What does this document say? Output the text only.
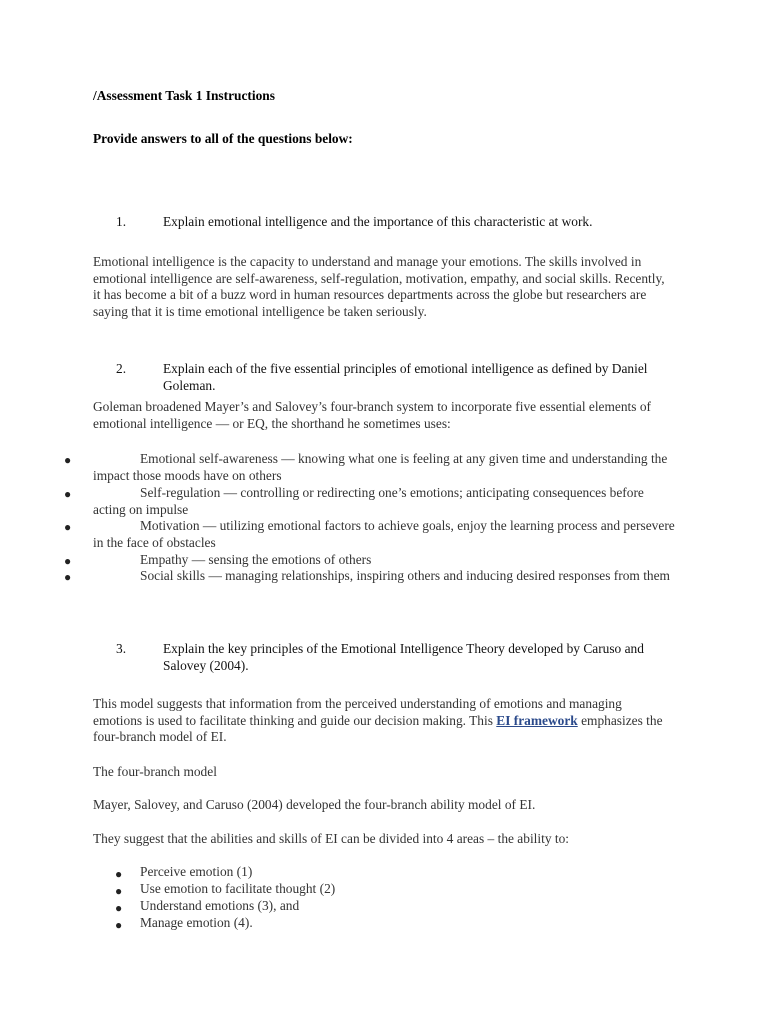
/Assessment Task 1 Instructions
Provide answers to all of the questions below:
1.	Explain emotional intelligence and the importance of this characteristic at work.
Emotional intelligence is the capacity to understand and manage your emotions. The skills involved in emotional intelligence are self-awareness, self-regulation, motivation, empathy, and social skills. Recently, it has become a bit of a buzz word in human resources departments across the globe but researchers are saying that it is time emotional intelligence be taken seriously.
2.	Explain each of the five essential principles of emotional intelligence as defined by Daniel Goleman.
Goleman broadened Mayer’s and Salovey’s four-branch system to incorporate five essential elements of emotional intelligence — or EQ, the shorthand he sometimes uses:
●	Emotional self-awareness — knowing what one is feeling at any given time and understanding the impact those moods have on others
●	Self-regulation — controlling or redirecting one’s emotions; anticipating consequences before acting on impulse
●	Motivation — utilizing emotional factors to achieve goals, enjoy the learning process and persevere in the face of obstacles
●	Empathy — sensing the emotions of others
●	Social skills — managing relationships, inspiring others and inducing desired responses from them
3.	Explain the key principles of the Emotional Intelligence Theory developed by Caruso and Salovey (2004).
This model suggests that information from the perceived understanding of emotions and managing emotions is used to facilitate thinking and guide our decision making. This EI framework emphasizes the four-branch model of EI.
The four-branch model
Mayer, Salovey, and Caruso (2004) developed the four-branch ability model of EI.
They suggest that the abilities and skills of EI can be divided into 4 areas – the ability to:
● Perceive emotion (1)
● Use emotion to facilitate thought (2)
● Understand emotions (3), and
● Manage emotion (4).
